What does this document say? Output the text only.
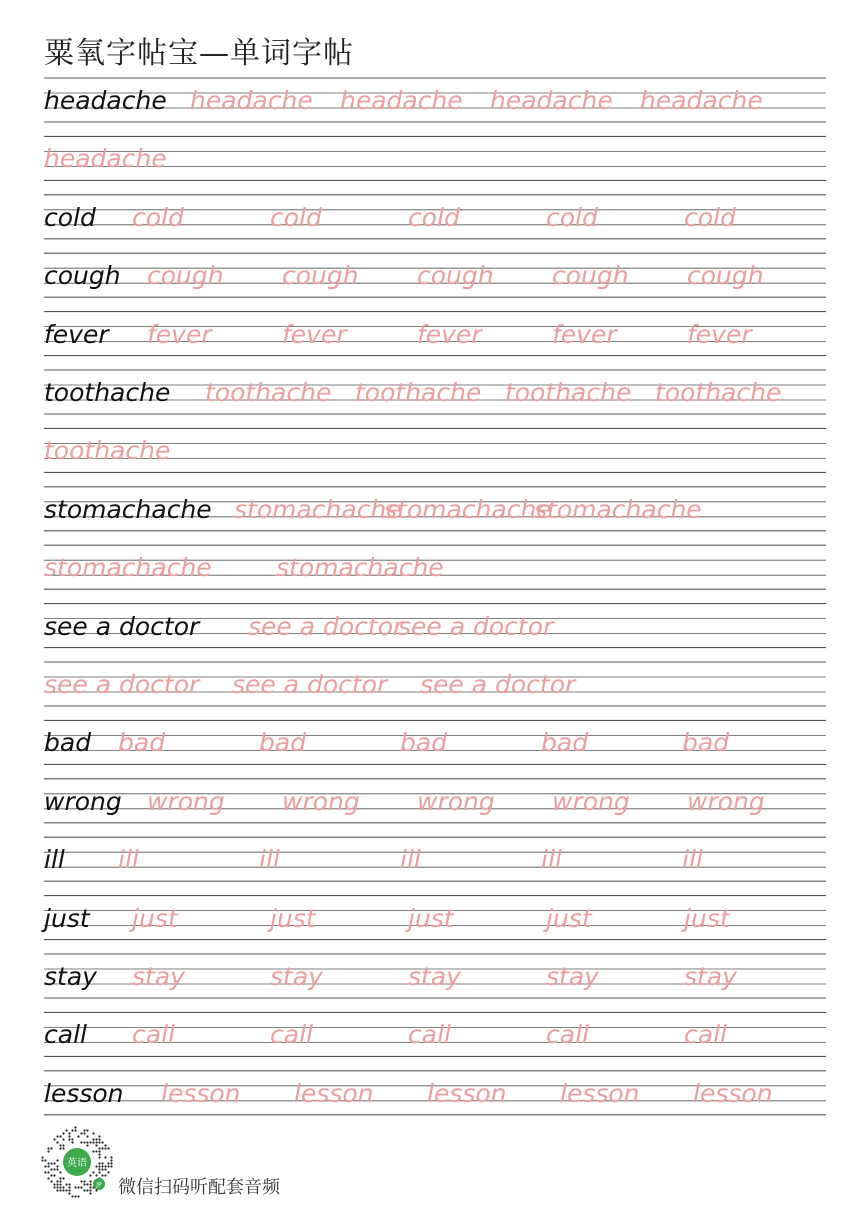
粟氧字帖宝—单词字帖
headache headache headache headache headache
headache
cold cold	cold	cold	cold	cold
cough cough cough cough cough cough
fever fever	fever	fever	fever	fever
toothache toothache toothache toothache toothache
toothache
stomachache stomachache
stomachache
stomachache
stomachache	stomachache
see a doctor see a doctor
see a doctor
see a doctor see a doctor see a doctor
bad bad	bad	bad	bad	bad
wrong wrong wrong wrong wrong wrong
ill ill	ill	ill	ill	ill
just just	just	just	just	just
stay stay	stay	stay	stay	stay
call call	call	call	call	call
lesson lesson lesson lesson lesson lesson
英语
JP 微信扫码听配套音频
